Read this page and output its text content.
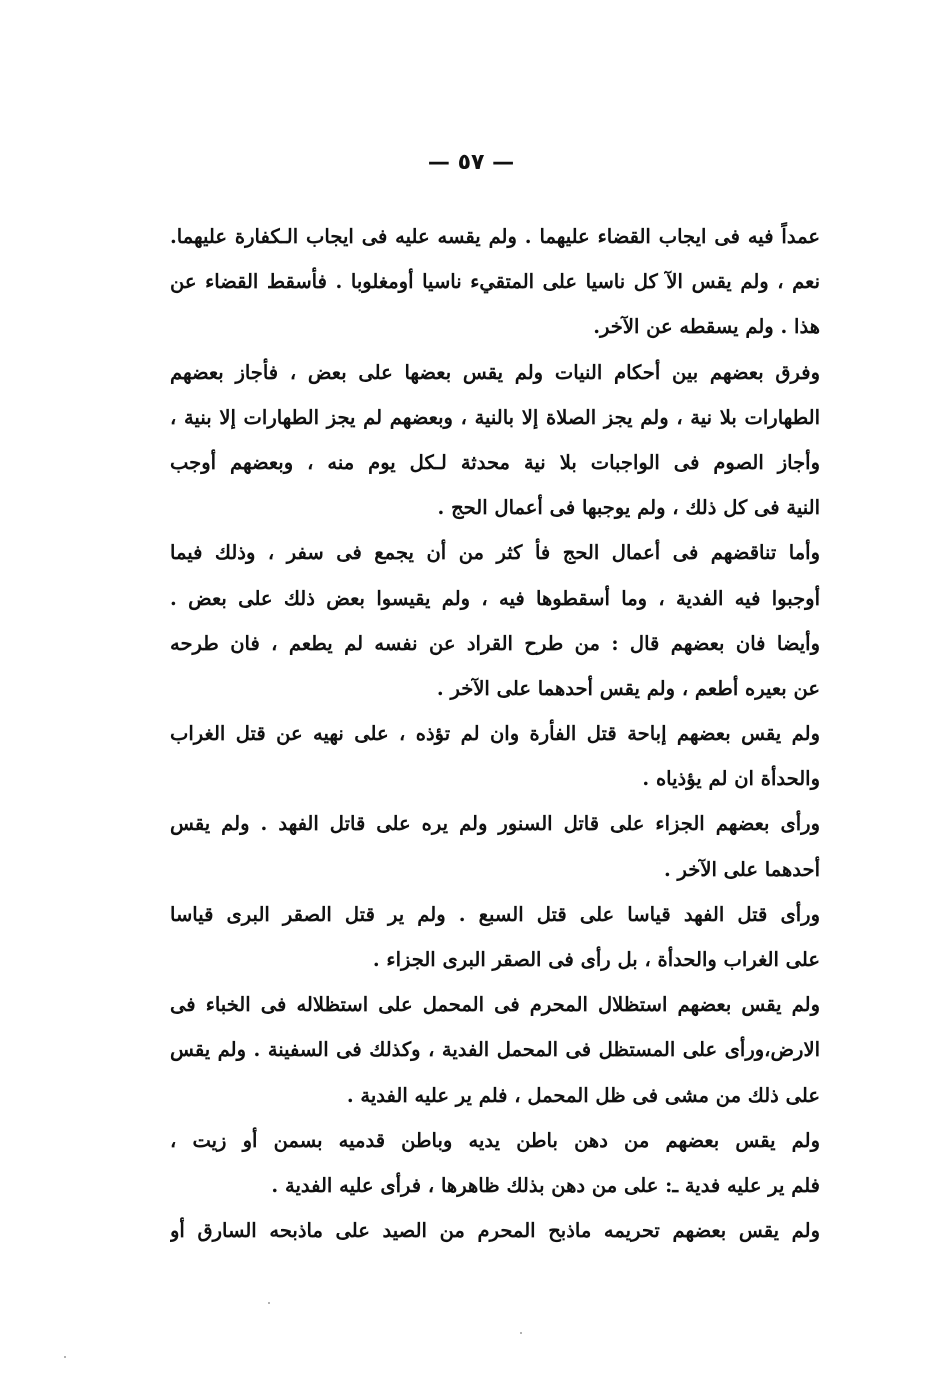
— ٥٧ —
عمداً فيه فى ايجاب القضاء عليهما . ولم يقسه عليه فى ايجاب الـكفارة عليهما.
نعم ، ولم يقس الآ كل ناسيا على المتقيء ناسيا أومغلوبا . فأسقط القضاء عن
هذا . ولم يسقطه عن الآخر.
وفرق بعضهم بين أحكام النيات ولم يقس بعضها على بعض ، فأجاز بعضهم
الطهارات بلا نية ، ولم يجز الصلاة إلا بالنية ، وبعضهم لم يجز الطهارات إلا بنية ،
وأجاز الصوم فى الواجبات بلا نية محدثة لـكل يوم منه ، وبعضهم أوجب
النية فى كل ذلك ، ولم يوجبها فى أعمال الحج .
وأما تناقضهم فى أعمال الحج فأ كثر من أن يجمع فى سفر ، وذلك فيما
أوجبوا فيه الفدية ، وما أسقطوها فيه ، ولم يقيسوا بعض ذلك على بعض .
وأيضا فان بعضهم قال : من طرح القراد عن نفسه لم يطعم ، فان طرحه
عن بعيره أطعم ، ولم يقس أحدهما على الآخر .
ولم يقس بعضهم إباحة قتل الفأرة وان لم تؤذه ، على نهيه عن قتل الغراب
والحدأة ان لم يؤذياه .
ورأى بعضهم الجزاء على قاتل السنور ولم يره على قاتل الفهد . ولم يقس
أحدهما على الآخر .
ورأى قتل الفهد قياسا على قتل السبع . ولم ير قتل الصقر البرى قياسا
على الغراب والحدأة ، بل رأى فى الصقر البرى الجزاء .
ولم يقس بعضهم استظلال المحرم فى المحمل على استظلاله فى الخباء فى
الارض،ورأى على المستظل فى المحمل الفدية ، وكذلك فى السفينة . ولم يقس
على ذلك من مشى فى ظل المحمل ، فلم ير عليه الفدية .
ولم يقس بعضهم من دهن باطن يديه وباطن قدميه بسمن أو زيت ،
فلم ير عليه فدية ـ: على من دهن بذلك ظاهرها ، فرأى عليه الفدية .
ولم يقس بعضهم تحريمه ماذبح المحرم من الصيد على ماذبحه السارق أو
